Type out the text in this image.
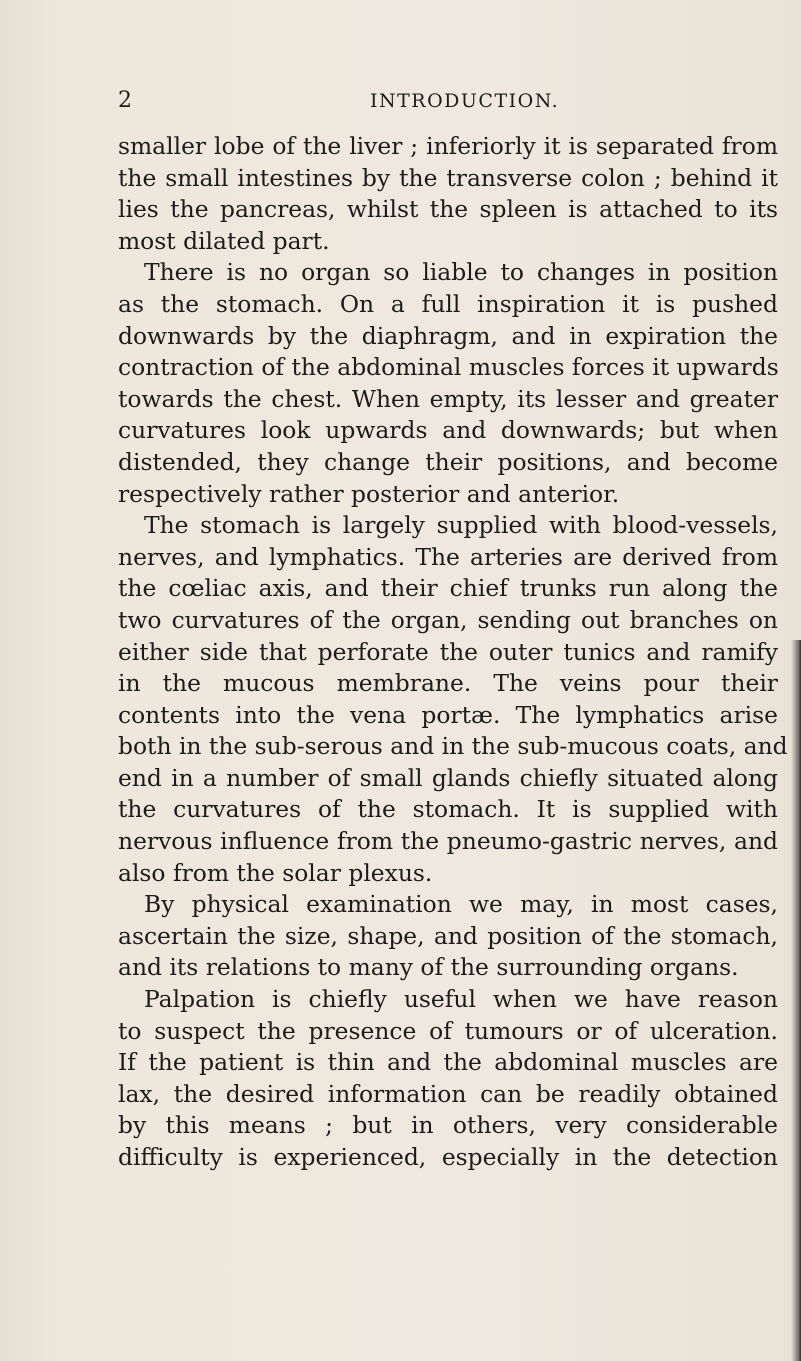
2	INTRODUCTION.
smaller lobe of the liver ; inferiorly it is separated from
the small intestines by the transverse colon ; behind it
lies the pancreas, whilst the spleen is attached to its
most dilated part.
There is no organ so liable to changes in position
as the stomach. On a full inspiration it is pushed
downwards by the diaphragm, and in expiration the
contraction of the abdominal muscles forces it upwards
towards the chest. When empty, its lesser and greater
curvatures look upwards and downwards; but when
distended, they change their positions, and become
respectively rather posterior and anterior.
The stomach is largely supplied with blood-vessels,
nerves, and lymphatics. The arteries are derived from
the cœliac axis, and their chief trunks run along the
two curvatures of the organ, sending out branches on
either side that perforate the outer tunics and ramify
in the mucous membrane. The veins pour their
contents into the vena portæ. The lymphatics arise
both in the sub-serous and in the sub-mucous coats, and
end in a number of small glands chiefly situated along
the curvatures of the stomach. It is supplied with
nervous influence from the pneumo-gastric nerves, and
also from the solar plexus.
By physical examination we may, in most cases,
ascertain the size, shape, and position of the stomach,
and its relations to many of the surrounding organs.
Palpation is chiefly useful when we have reason
to suspect the presence of tumours or of ulceration.
If the patient is thin and the abdominal muscles are
lax, the desired information can be readily obtained
by this means ; but in others, very considerable
difficulty is experienced, especially in the detection
